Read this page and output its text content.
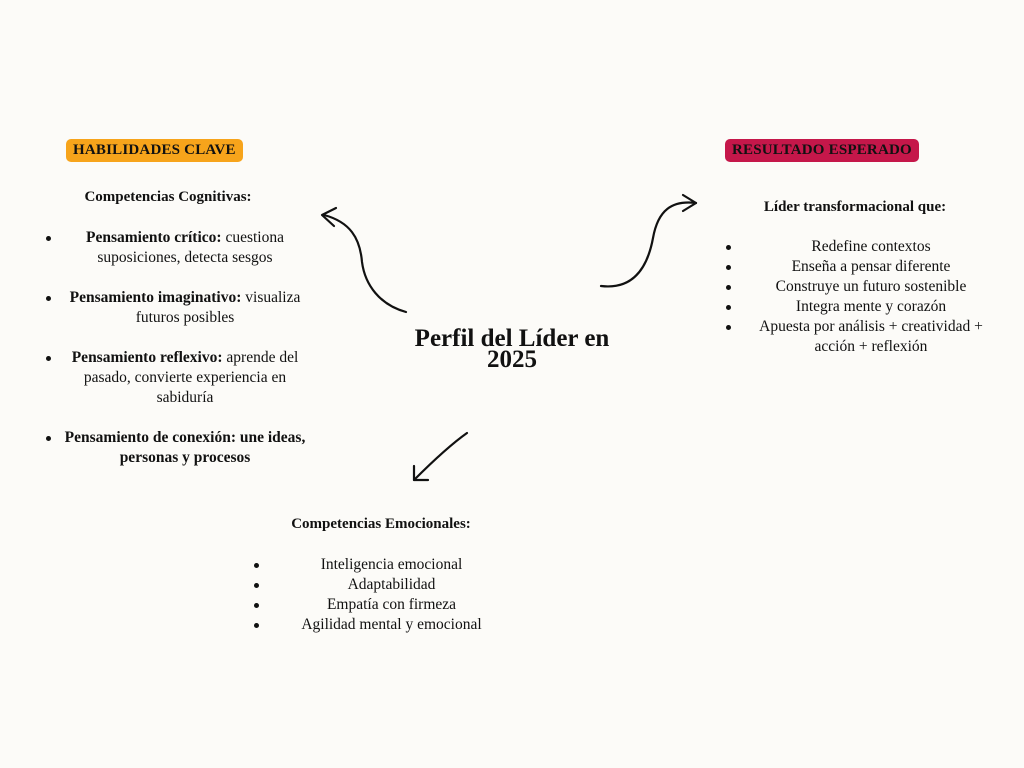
HABILIDADES CLAVE	RESULTADO ESPERADO
Competencias Cognitivas:
Pensamiento crítico: cuestiona suposiciones, detecta sesgos
Pensamiento imaginativo: visualiza futuros posibles
Pensamiento reflexivo: aprende del pasado, convierte experiencia en sabiduría
Pensamiento de conexión: une ideas, personas y procesos
Líder transformacional que:
Redefine contextos
Enseña a pensar diferente
Construye un futuro sostenible
Integra mente y corazón
Apuesta por análisis + creatividad + acción + reflexión
Perfil del Líder en 2025
Competencias Emocionales:
Inteligencia emocional
Adaptabilidad
Empatía con firmeza
Agilidad mental y emocional
